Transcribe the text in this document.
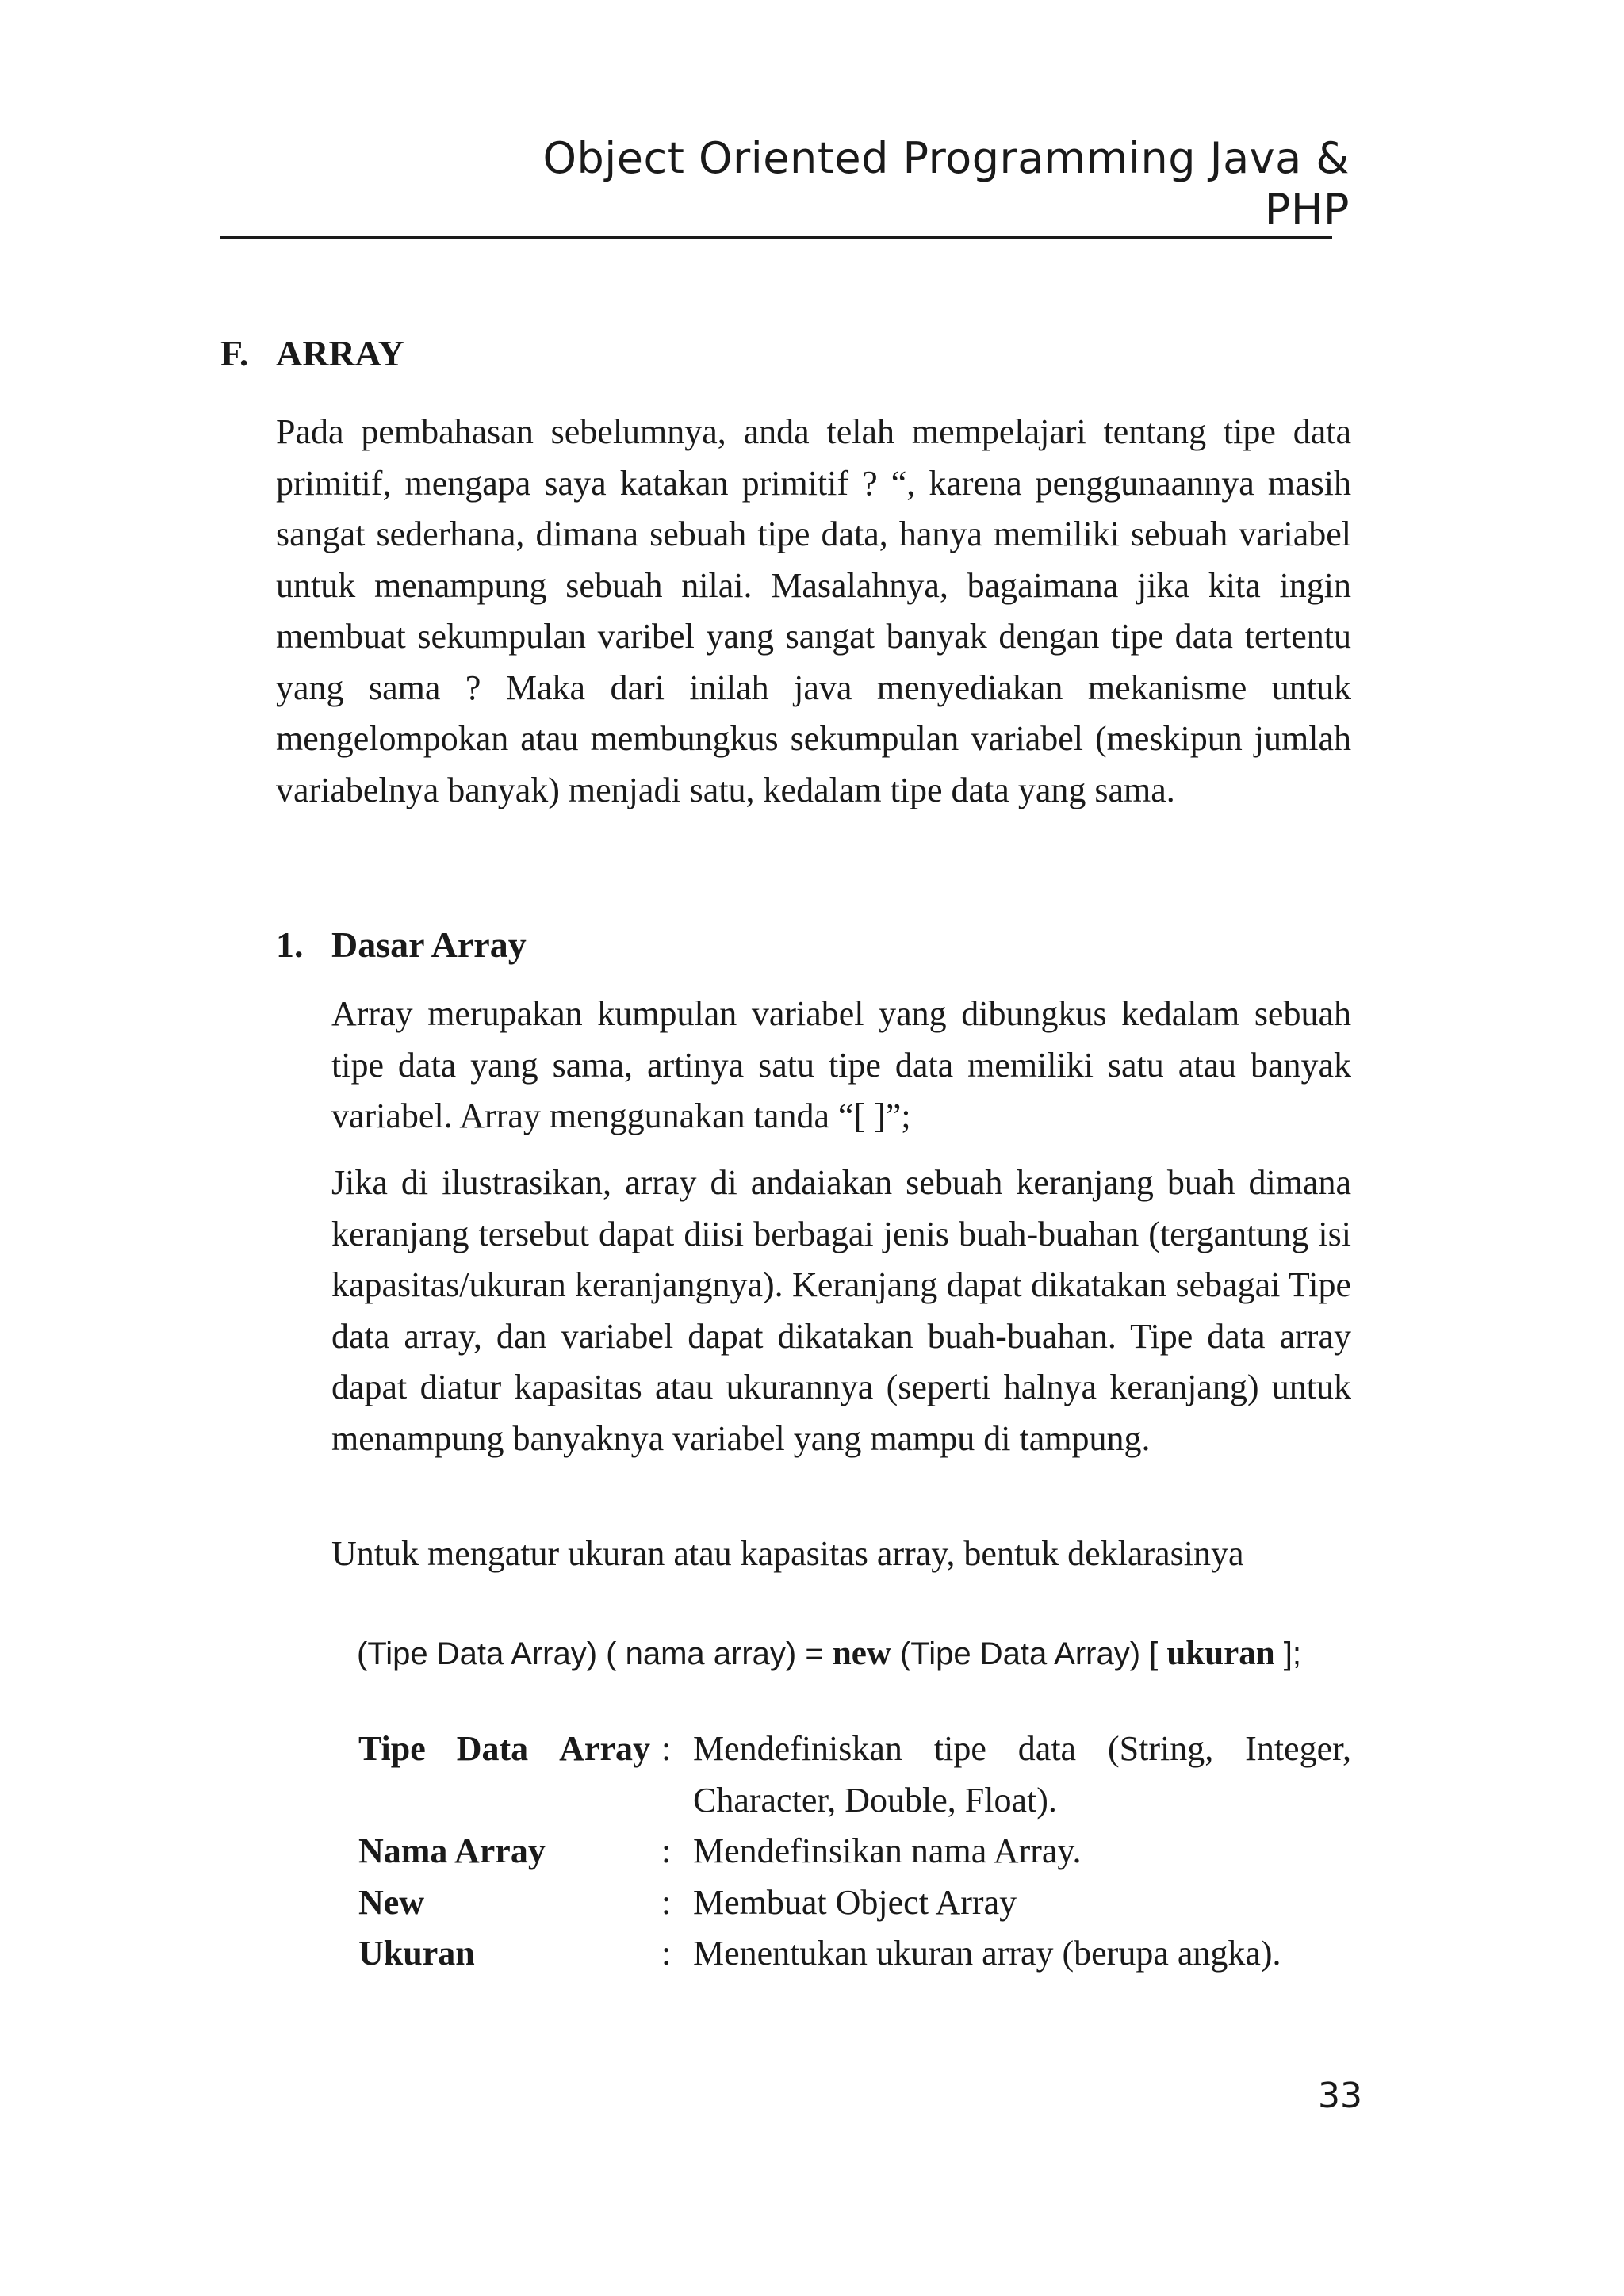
Object Oriented Programming Java & PHP
F. ARRAY

Pada pembahasan sebelumnya, anda telah mempelajari tentang tipe data primitif, mengapa saya katakan primitif ? “, karena penggunaannya masih sangat sederhana, dimana sebuah tipe data, hanya memiliki sebuah variabel untuk menampung sebuah nilai. Masalahnya, bagaimana jika kita ingin membuat sekumpulan varibel yang sangat banyak dengan tipe data tertentu yang sama ? Maka dari inilah java menyediakan mekanisme untuk mengelompokan atau membungkus sekumpulan variabel (meskipun jumlah variabelnya banyak) menjadi satu, kedalam tipe data yang sama.

1. Dasar Array

Array merupakan kumpulan variabel yang dibungkus kedalam sebuah tipe data yang sama, artinya satu tipe data memiliki satu atau banyak variabel. Array menggunakan tanda “[ ]”;

Jika di ilustrasikan, array di andaiakan sebuah keranjang buah dimana keranjang tersebut dapat diisi berbagai jenis buah-buahan (tergantung isi kapasitas/ukuran keranjangnya). Keranjang dapat dikatakan sebagai Tipe data array, dan variabel dapat dikatakan buah-buahan. Tipe data array dapat diatur kapasitas atau ukurannya (seperti halnya keranjang) untuk menampung banyaknya variabel yang mampu di tampung.

Untuk mengatur ukuran atau kapasitas array, bentuk deklarasinya

(Tipe Data Array) ( nama array) = new (Tipe Data Array) [ ukuran ];
Tipe Data Array : Mendefiniskan tipe data (String, Integer, Character, Double, Float).
Nama Array	: Mendefinsikan nama Array.
New	: Membuat Object Array
Ukuran	: Menentukan ukuran array (berupa angka).
33
